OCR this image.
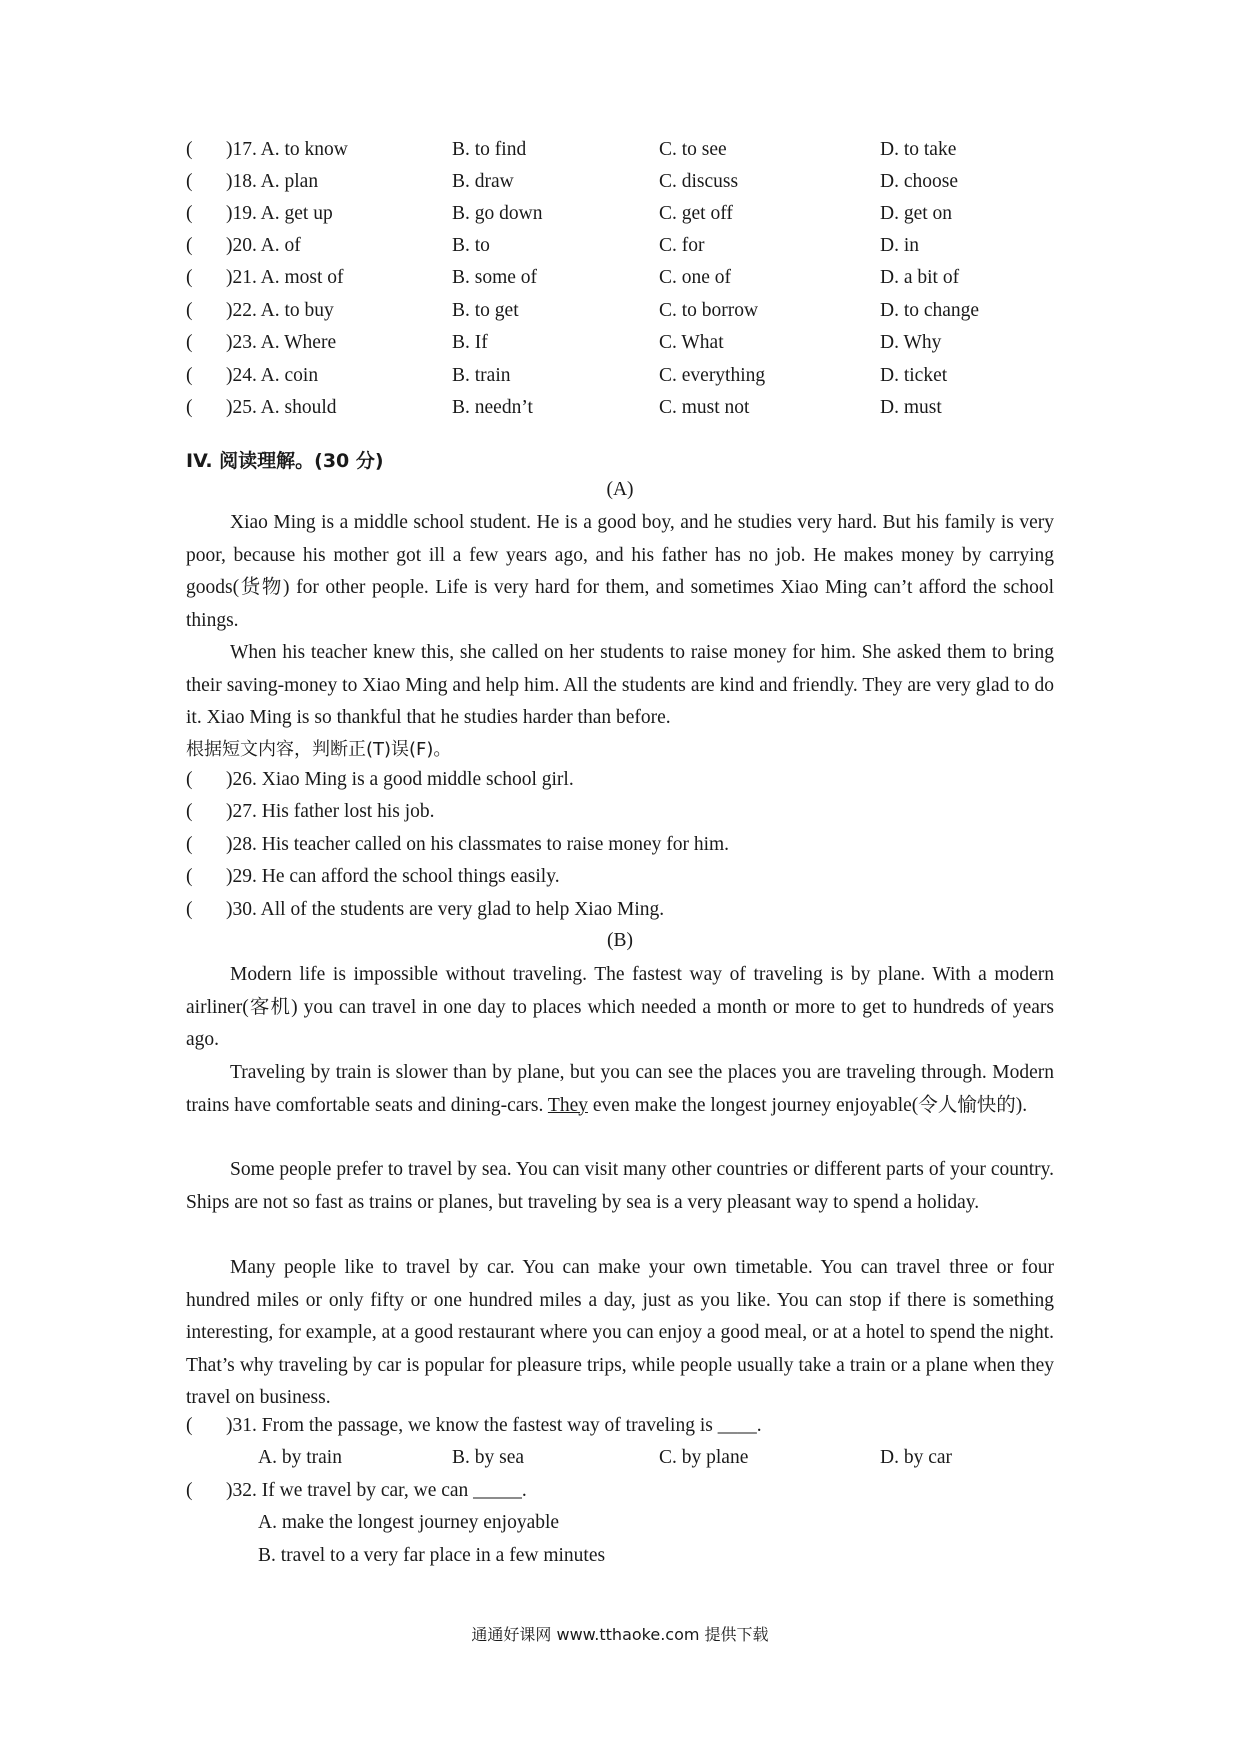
( )17. A. to know	B. to find	C. to see	D. to take
( )18. A. plan	B. draw	C. discuss	D. choose
( )19. A. get up	B. go down	C. get off	D. get on
( )20. A. of	B. to	C. for	D. in
( )21. A. most of	B. some of	C. one of	D. a bit of
( )22. A. to buy	B. to get	C. to borrow	D. to change
( )23. A. Where	B. If	C. What	D. Why
( )24. A. coin	B. train	C. everything	D. ticket
( )25. A. should	B. needn’t	C. must not	D. must
IV. 阅读理解。(30 分)
(A)

Xiao Ming is a middle school student. He is a good boy, and he studies very hard. But his family is very poor, because his mother got ill a few years ago, and his father has no job. He makes money by carrying goods(货物) for other people. Life is very hard for them, and sometimes Xiao Ming can’t afford the school things.

When his teacher knew this, she called on her students to raise money for him. She asked them to bring their saving-money to Xiao Ming and help him. All the students are kind and friendly. They are very glad to do it. Xiao Ming is so thankful that he studies harder than before.

根据短文内容，判断正(T)误(F)。
( )26. Xiao Ming is a good middle school girl.
( )27. His father lost his job.
( )28. His teacher called on his classmates to raise money for him.
( )29. He can afford the school things easily.
( )30. All of the students are very glad to help Xiao Ming.
(B)

Modern life is impossible without traveling. The fastest way of traveling is by plane. With a modern airliner(客机) you can travel in one day to places which needed a month or more to get to hundreds of years ago.

Traveling by train is slower than by plane, but you can see the places you are traveling through. Modern trains have comfortable seats and dining-cars. They even make the longest journey enjoyable(令人愉快的).

Some people prefer to travel by sea. You can visit many other countries or different parts of your country. Ships are not so fast as trains or planes, but traveling by sea is a very pleasant way to spend a holiday.

Many people like to travel by car. You can make your own timetable. You can travel three or four hundred miles or only fifty or one hundred miles a day, just as you like. You can stop if there is something interesting, for example, at a good restaurant where you can enjoy a good meal, or at a hotel to spend the night. That’s why traveling by car is popular for pleasure trips, while people usually take a train or a plane when they travel on business.

( )31. From the passage, we know the fastest way of traveling is ____.
A. by train	B. by sea	C. by plane	D. by car
( )32. If we travel by car, we can _____.
A. make the longest journey enjoyable
B. travel to a very far place in a few minutes
通通好课网 www.tthaoke.com 提供下载
